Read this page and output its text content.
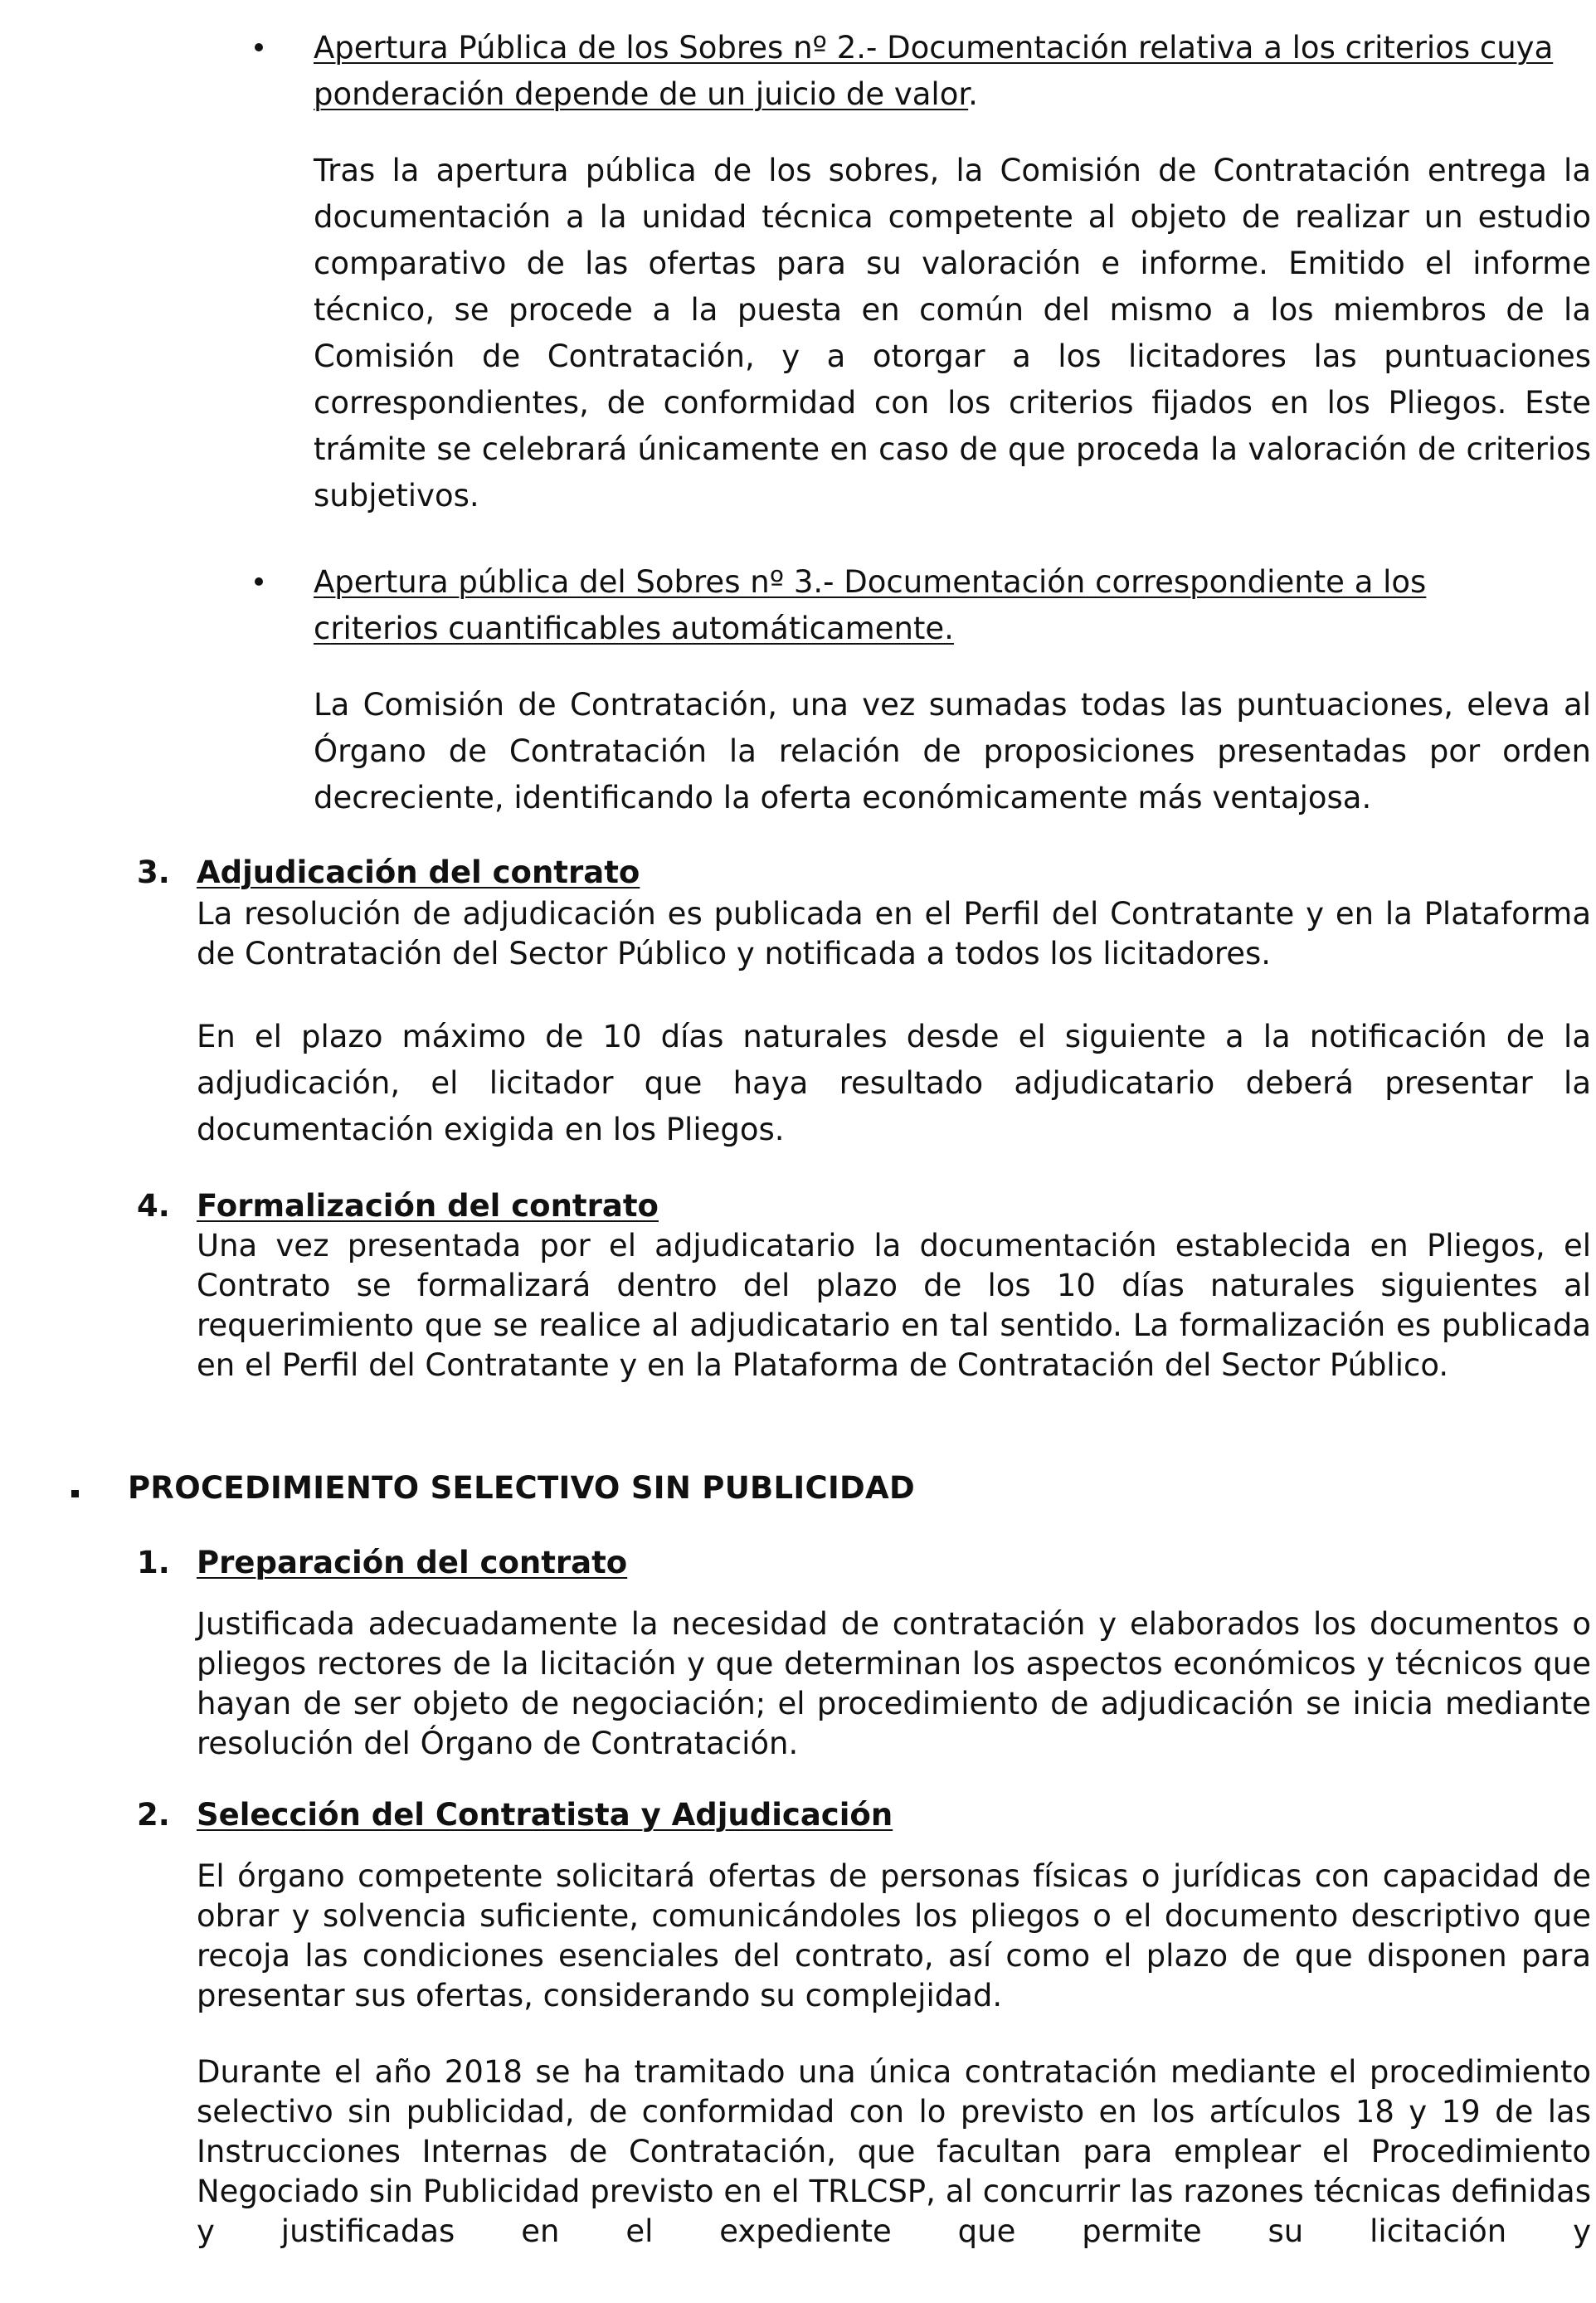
Apertura Pública de los Sobres nº 2.- Documentación relativa a los criterios cuya
ponderación depende de un juicio de valor.
Tras la apertura pública de los sobres, la Comisión de Contratación entrega la documentación a la unidad técnica competente al objeto de realizar un estudio comparativo de las ofertas para su valoración e informe. Emitido el informe técnico, se procede a la puesta en común del mismo a los miembros de la Comisión de Contratación, y a otorgar a los licitadores las puntuaciones correspondientes, de conformidad con los criterios fijados en los Pliegos. Este trámite se celebrará únicamente en caso de que proceda la valoración de criterios subjetivos.
Apertura pública del Sobres nº 3.- Documentación correspondiente a los
criterios cuantificables automáticamente.
La Comisión de Contratación, una vez sumadas todas las puntuaciones, eleva al Órgano de Contratación la relación de proposiciones presentadas por orden decreciente, identificando la oferta económicamente más ventajosa.
3. Adjudicación del contrato
La resolución de adjudicación es publicada en el Perfil del Contratante y en la Plataforma de Contratación del Sector Público y notificada a todos los licitadores.
En el plazo máximo de 10 días naturales desde el siguiente a la notificación de la adjudicación, el licitador que haya resultado adjudicatario deberá presentar la documentación exigida en los Pliegos.
4. Formalización del contrato
Una vez presentada por el adjudicatario la documentación establecida en Pliegos, el Contrato se formalizará dentro del plazo de los 10 días naturales siguientes al requerimiento que se realice al adjudicatario en tal sentido. La formalización es publicada en el Perfil del Contratante y en la Plataforma de Contratación del Sector Público.
PROCEDIMIENTO SELECTIVO SIN PUBLICIDAD
1. Preparación del contrato
Justificada adecuadamente la necesidad de contratación y elaborados los documentos o pliegos rectores de la licitación y que determinan los aspectos económicos y técnicos que hayan de ser objeto de negociación; el procedimiento de adjudicación se inicia mediante resolución del Órgano de Contratación.
2. Selección del Contratista y Adjudicación
El órgano competente solicitará ofertas de personas físicas o jurídicas con capacidad de obrar y solvencia suficiente, comunicándoles los pliegos o el documento descriptivo que recoja las condiciones esenciales del contrato, así como el plazo de que disponen para presentar sus ofertas, considerando su complejidad.
Durante el año 2018 se ha tramitado una única contratación mediante el procedimiento selectivo sin publicidad, de conformidad con lo previsto en los artículos 18 y 19 de las Instrucciones Internas de Contratación, que facultan para emplear el Procedimiento Negociado sin Publicidad previsto en el TRLCSP, al concurrir las razones técnicas definidas y justificadas en el expediente que permite su licitación y
